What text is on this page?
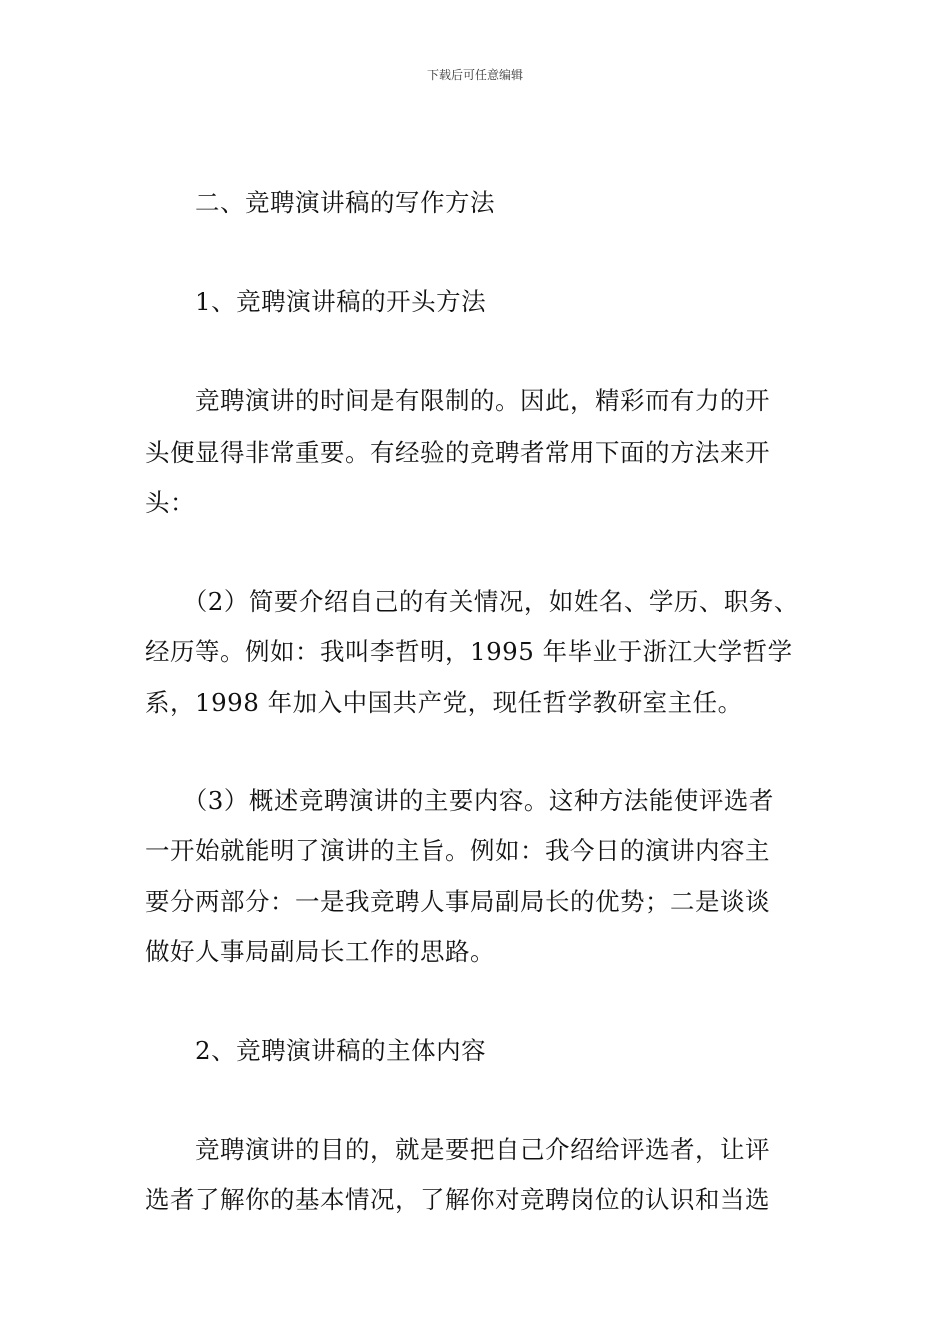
下载后可任意编辑
　　二、竞聘演讲稿的写作方法
　　1、竞聘演讲稿的开头方法
　　竞聘演讲的时间是有限制的。因此，精彩而有力的开
头便显得非常重要。有经验的竞聘者常用下面的方法来开
头：
　　（2）简要介绍自己的有关情况，如姓名、学历、职务、
经历等。例如：我叫李哲明，1995 年毕业于浙江大学哲学
系，1998 年加入中国共产党，现任哲学教研室主任。
　　（3）概述竞聘演讲的主要内容。这种方法能使评选者
一开始就能明了演讲的主旨。例如：我今日的演讲内容主
要分两部分：一是我竞聘人事局副局长的优势；二是谈谈
做好人事局副局长工作的思路。
　　2、竞聘演讲稿的主体内容
　　竞聘演讲的目的，就是要把自己介绍给评选者，让评
选者了解你的基本情况，了解你对竞聘岗位的认识和当选
